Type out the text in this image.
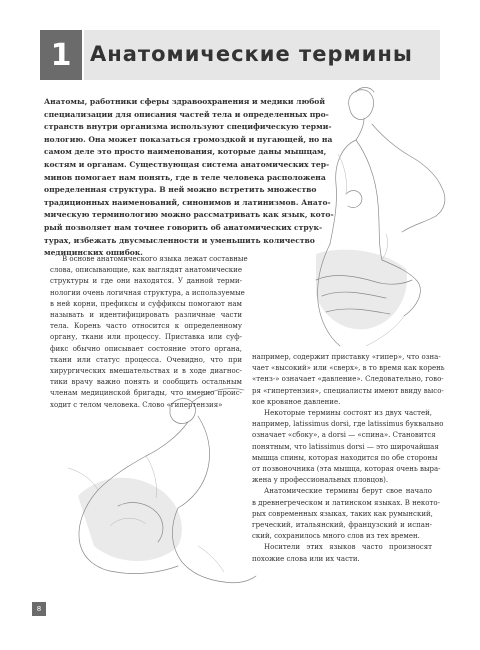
1 Анатомические термины
Анатомы, работники сферы здравоохранения и медики любой
специализации для описания частей тела и определенных про-
странств внутри организма используют специфическую терми-
нологию. Она может показаться громоздкой и пугающей, но на
самом деле это просто наименования, которые даны мышцам,
костям и органам. Существующая система анатомических тер-
минов помогает нам понять, где в теле человека расположена
определенная структура. В ней можно встретить множество
традиционных наименований, синонимов и латинизмов. Анато-
мическую терминологию можно рассматривать как язык, кото-
рый позволяет нам точнее говорить об анатомических струк-
турах, избежать двусмысленности и уменьшить количество
медицинских ошибок.
В основе анатомического языка лежат составные
слова, описывающие, как выглядят анатомические
структуры и где они находятся. У данной терми-
нологии очень логичная структура, а используемые
в ней корни, префиксы и суффиксы помогают нам
называть и идентифицировать различные части
тела. Корень часто относится к определенному
органу, ткани или процессу. Приставка или суф-
фикс обычно описывает состояние этого органа,
ткани или статус процесса. Очевидно, что при
хирургических вмешательствах и в ходе диагнос-
тики врачу важно понять и сообщить остальным
членам медицинской бригады, что именно проис-
ходит с телом человека. Слово «гипертензия»
например, содержит приставку «гипер», что озна-
чает «высокий» или «сверх», в то время как корень
«тенз-» означает «давление». Следовательно, гово-
ря «гипертензия», специалисты имеют ввиду высо-
кое кровяное давление.
Некоторые термины состоят из двух частей,
например, latissimus dorsi, где latissimus буквально
означает «сбоку», а dorsi — «спина». Становится
понятным, что latissimus dorsi — это широчайшая
мышца спины, которая находится по обе стороны
от позвоночника (эта мышца, которая очень выра-
жена у профессиональных пловцов).
Анатомические термины берут свое начало
в древнегреческом и латинском языках. В некото-
рых современных языках, таких как румынский,
греческий, итальянский, французский и испан-
ский, сохранилось много слов из тех времен.
Носители этих языков часто произносят
похожие слова или их части.
8
